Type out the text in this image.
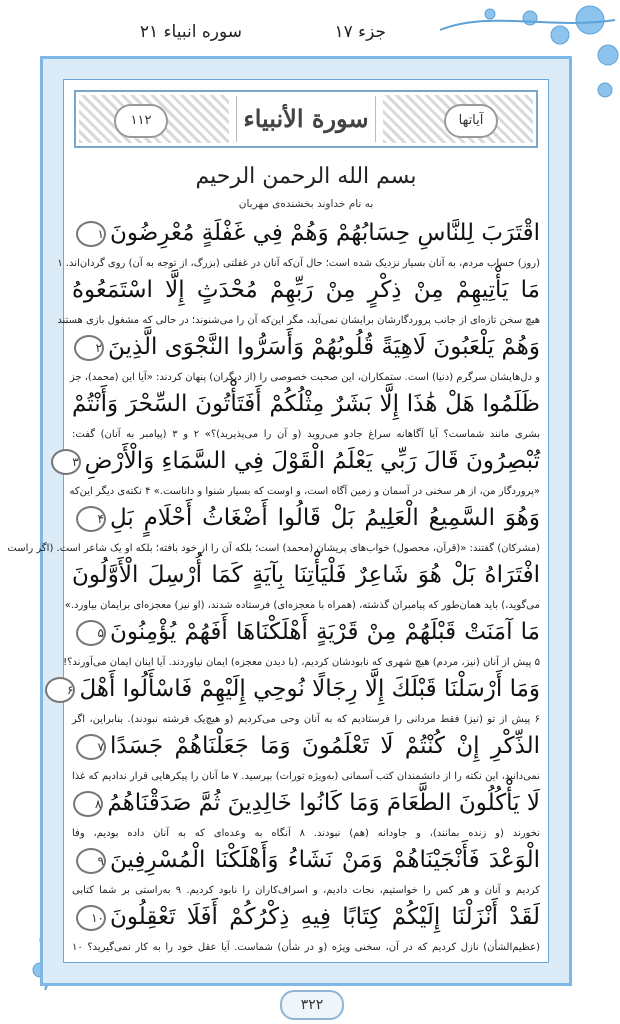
جزء ۱۷
سوره انبیاء ۲۱
سورة الأنبياء
۱۱۲	آیاتها
بسم الله الرحمن الرحیم
به نام خداوند بخشنده‌ی مهربان
اقْتَرَبَ لِلنَّاسِ حِسَابُهُمْ وَهُمْ فِي غَفْلَةٍ مُعْرِضُونَ۱
(روز) حساب مردم، به آنان بسیار نزدیک شده است؛ حال آن‌که آنان در غفلتی (بزرگ، از توجه به آن) روی گردان‌اند. ۱
مَا يَأْتِيهِمْ مِنْ ذِكْرٍ مِنْ رَبِّهِمْ مُحْدَثٍ إِلَّا اسْتَمَعُوهُ
هیچ سخن تازه‌ای از جانب پروردگارشان برایشان نمی‌آید، مگر این‌که آن را می‌شنوند؛ در حالی که مشغول بازی هستند
وَهُمْ يَلْعَبُونَ لَاهِيَةً قُلُوبُهُمْ وَأَسَرُّوا النَّجْوَى الَّذِينَ۲
و دل‌هایشان سرگرم (دنیا) است. ستمکاران، این صحبت خصوصی را (از دیگران) پنهان کردند: «آیا این (محمد)، جز
ظَلَمُوا هَلْ هَٰذَا إِلَّا بَشَرٌ مِثْلُكُمْ أَفَتَأْتُونَ السِّحْرَ وَأَنْتُمْ
بشری مانند شماست؟ آیا آگاهانه سراغ جادو می‌روید (و آن را می‌پذیرید)؟» ۲ و ۳ (پیامبر به آنان) گفت:
تُبْصِرُونَ قَالَ رَبِّي يَعْلَمُ الْقَوْلَ فِي السَّمَاءِ وَالْأَرْضِ۳
«پروردگار من، از هر سخنی در آسمان و زمین آگاه است، و اوست که بسیار شنوا و داناست.» ۴ نکته‌ی دیگر این‌که
وَهُوَ السَّمِيعُ الْعَلِيمُ بَلْ قَالُوا أَضْغَاثُ أَحْلَامٍ بَلِ۴
(مشرکان) گفتند: «(قرآن، محصول) خواب‌های پریشان (محمد) است؛ بلکه آن را از خود بافته؛ بلکه او یک شاعر است. (اگر راست
افْتَرَاهُ بَلْ هُوَ شَاعِرٌ فَلْيَأْتِنَا بِآيَةٍ كَمَا أُرْسِلَ الْأَوَّلُونَ
می‌گوید،) باید همان‌طور که پیامبران گذشته، (همراه با معجزه‌ای) فرستاده شدند، (او نیز) معجزه‌ای برایمان بیاورد.»
مَا آمَنَتْ قَبْلَهُمْ مِنْ قَرْيَةٍ أَهْلَكْنَاهَا أَفَهُمْ يُؤْمِنُونَ۵
۵ پیش از آنان (نیز، مردم) هیچ شهری که نابودشان کردیم، (با دیدن معجزه) ایمان نیاوردند. آیا اینان ایمان می‌آورند؟!
وَمَا أَرْسَلْنَا قَبْلَكَ إِلَّا رِجَالًا نُوحِي إِلَيْهِمْ فَاسْأَلُوا أَهْلَ۶
۶ پیش از تو (نیز) فقط مردانی را فرستادیم که به آنان وحی می‌کردیم (و هیچ‌یک فرشته نبودند). بنابراین، اگر
الذِّكْرِ إِنْ كُنْتُمْ لَا تَعْلَمُونَ وَمَا جَعَلْنَاهُمْ جَسَدًا۷
نمی‌دانید، این نکته را از دانشمندان کتب آسمانی (به‌ویژه تورات) بپرسید. ۷ ما آنان را پیکرهایی قرار ندادیم که غذا
لَا يَأْكُلُونَ الطَّعَامَ وَمَا كَانُوا خَالِدِينَ ثُمَّ صَدَقْنَاهُمُ۸
نخورند (و زنده بمانند)، و جاودانه (هم) نبودند. ۸ آنگاه به وعده‌ای که به آنان داده بودیم، وفا
الْوَعْدَ فَأَنْجَيْنَاهُمْ وَمَنْ نَشَاءُ وَأَهْلَكْنَا الْمُسْرِفِينَ۹
کردیم و آنان و هر کس را خواستیم، نجات دادیم، و اسراف‌کاران را نابود کردیم. ۹ به‌راستی بر شما کتابی
لَقَدْ أَنْزَلْنَا إِلَيْكُمْ كِتَابًا فِيهِ ذِكْرُكُمْ أَفَلَا تَعْقِلُونَ۱۰
(عظیم‌الشأن) نازل کردیم که در آن، سخنی ویژه (و در شأن) شماست. آیا عقل خود را به کار نمی‌گیرید؟ ۱۰
۳۲۲
